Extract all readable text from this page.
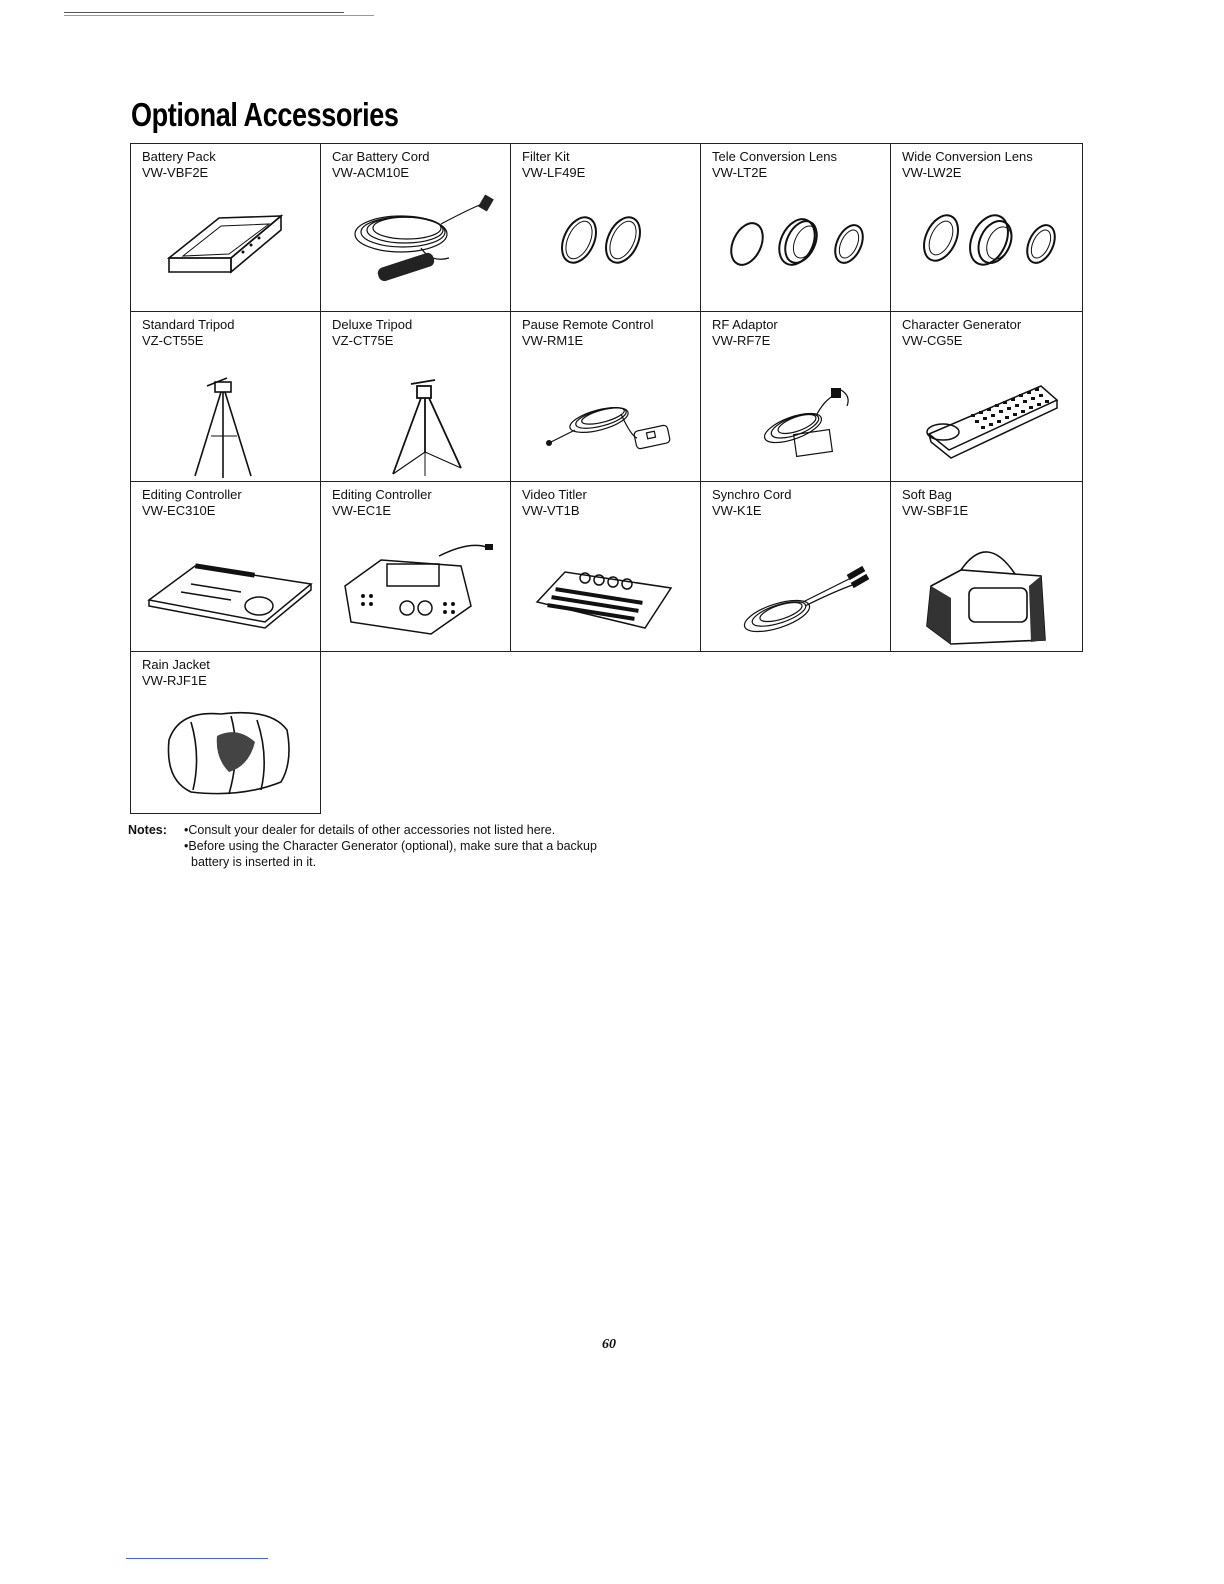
Optional Accessories
Battery Pack
VW-VBF2E
Car Battery Cord
VW-ACM10E
Filter Kit
VW-LF49E
Tele Conversion Lens
VW-LT2E
Wide Conversion Lens
VW-LW2E
Standard Tripod
VZ-CT55E
Deluxe Tripod
VZ-CT75E
Pause Remote Control
VW-RM1E
RF Adaptor
VW-RF7E
Character Generator
VW-CG5E
Editing Controller
VW-EC310E
Editing Controller
VW-EC1E
Video Titler
VW-VT1B
Synchro Cord
VW-K1E
Soft Bag
VW-SBF1E
Rain Jacket
VW-RJF1E
Notes: •Consult your dealer for details of other accessories not listed here.
•Before using the Character Generator (optional), make sure that a backup
battery is inserted in it.
60
